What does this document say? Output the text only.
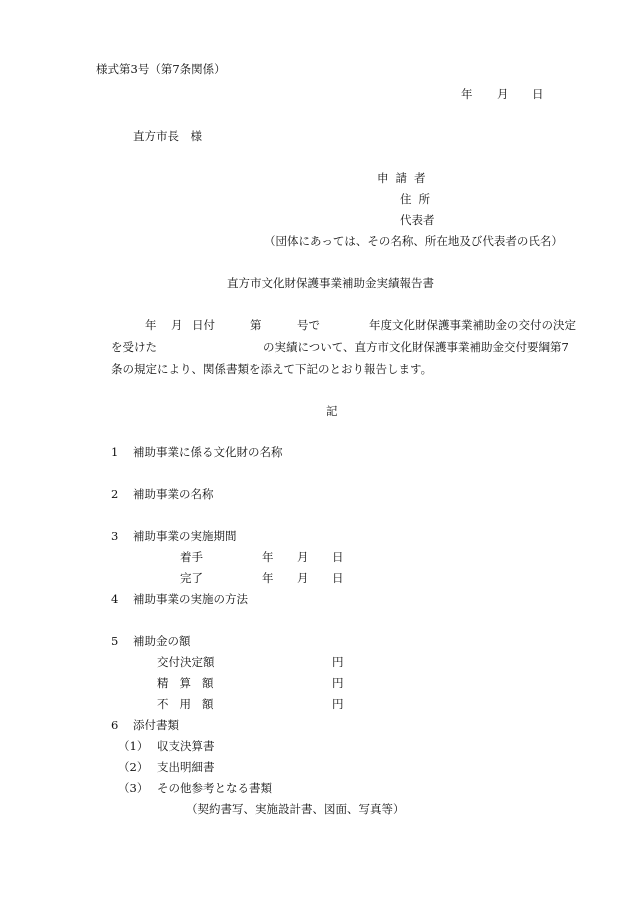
様式第3号（第7条関係）
年 月 日
直方市長　様
申請者
住所
代表者
（団体にあっては、その名称、所在地及び代表者の氏名）
直方市文化財保護事業補助金実績報告書
年 月 日付	第	号で	年度文化財保護事業補助金の交付の決定
を受けた	の実績について、直方市文化財保護事業補助金交付要綱第7
条の規定により、関係書類を添えて下記のとおり報告します。
記
1 補助事業に係る文化財の名称
2 補助事業の名称
3 補助事業の実施期間
着手	年 月 日
完了	年 月 日
4 補助事業の実施の方法
5 補助金の額
交付決定額	円
精算額	円
不用額	円
6 添付書類
（1） 収支決算書
（2） 支出明細書
（3） その他参考となる書類
（契約書写、実施設計書、図面、写真等）
